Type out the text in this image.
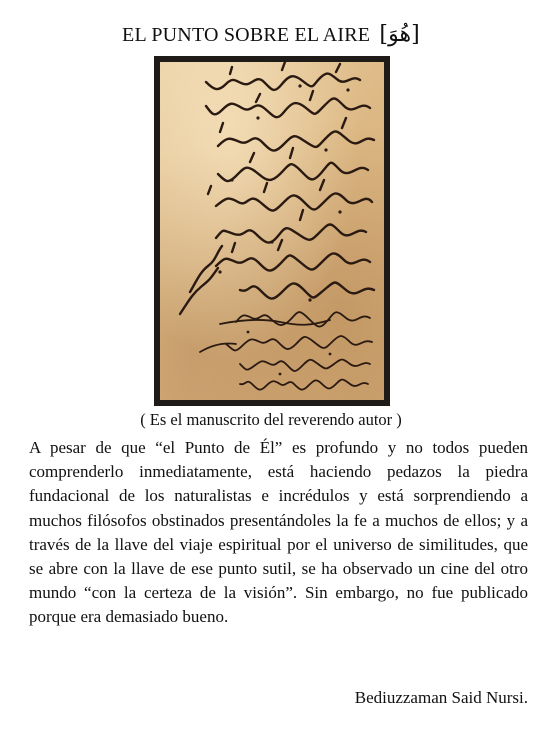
EL PUNTO SOBRE EL AIRE [هُوَ]
( Es el manuscrito del reverendo autor )

A pesar de que “el Punto de Él” es profundo y no todos pueden comprenderlo inmediatamente, está haciendo pedazos la piedra fundacional de los naturalistas e incrédulos y está sorprendiendo a muchos filósofos obstinados presentándoles la fe a muchos de ellos; y a través de la llave del viaje espiritual por el universo de similitudes, que se abre con la llave de ese punto sutil, se ha observado un cine del otro mundo “con la certeza de la visión”. Sin embargo, no fue publicado porque era demasiado bueno.

Bediuzzaman Said Nursi.
